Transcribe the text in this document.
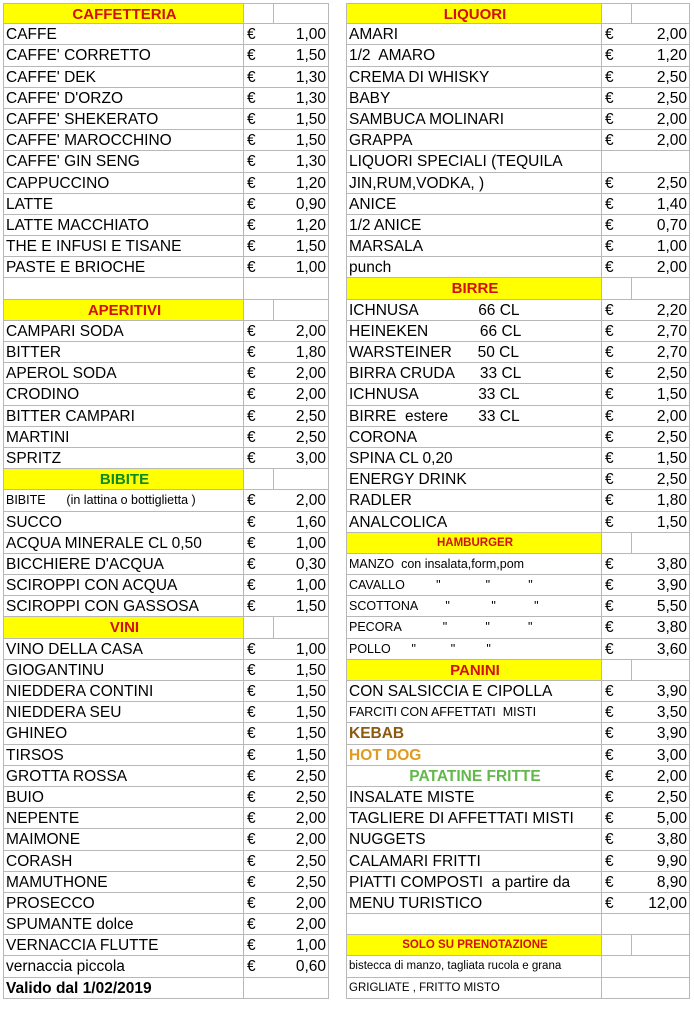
CAFFETTERIA
CAFFE	€	1,00
CAFFE' CORRETTO	€	1,50
CAFFE' DEK	€	1,30
CAFFE' D'ORZO	€	1,30
CAFFE' SHEKERATO	€	1,50
CAFFE' MAROCCHINO	€	1,50
CAFFE' GIN SENG	€	1,30
CAPPUCCINO	€	1,20
LATTE	€	0,90
LATTE MACCHIATO	€	1,20
THE E INFUSI E TISANE	€	1,50
PASTE E BRIOCHE	€	1,00
APERITIVI
CAMPARI SODA	€	2,00
BITTER	€	1,80
APEROL SODA	€	2,00
CRODINO	€	2,00
BITTER CAMPARI	€	2,50
MARTINI	€	2,50
SPRITZ	€	3,00
BIBITE
BIBITE      (in lattina o bottiglietta )	€	2,00
SUCCO	€	1,60
ACQUA MINERALE CL 0,50	€	1,00
BICCHIERE D'ACQUA	€	0,30
SCIROPPI CON ACQUA	€	1,00
SCIROPPI CON GASSOSA	€	1,50
VINI
VINO DELLA CASA	€	1,00
GIOGANTINU	€	1,50
NIEDDERA CONTINI	€	1,50
NIEDDERA SEU	€	1,50
GHINEO	€	1,50
TIRSOS	€	1,50
GROTTA ROSSA	€	2,50
BUIO	€	2,50
NEPENTE	€	2,00
MAIMONE	€	2,00
CORASH	€	2,50
MAMUTHONE	€	2,50
PROSECCO	€	2,00
SPUMANTE dolce	€	2,00
VERNACCIA FLUTTE	€	1,00
vernaccia piccola	€	0,60
Valido dal 1/02/2019
LIQUORI
AMARI	€	2,00
1/2  AMARO	€	1,20
CREMA DI WHISKY	€	2,50
BABY	€	2,50
SAMBUCA MOLINARI	€	2,00
GRAPPA	€	2,00
LIQUORI SPECIALI (TEQUILA
JIN,RUM,VODKA, )	€	2,50
ANICE	€	1,40
1/2 ANICE	€	0,70
MARSALA	€	1,00
punch	€	2,00
BIRRE
ICHNUSA              66 CL	€	2,20
HEINEKEN            66 CL	€	2,70
WARSTEINER      50 CL	€	2,70
BIRRA CRUDA      33 CL	€	2,50
ICHNUSA              33 CL	€	1,50
BIRRE  estere       33 CL	€	2,00
CORONA	€	2,50
SPINA CL 0,20	€	1,50
ENERGY DRINK	€	2,50
RADLER	€	1,80
ANALCOLICA	€	1,50
HAMBURGER
MANZO  con insalata,form,pom	€	3,80
CAVALLO         "             "           "	€	3,90
SCOTTONA        "            "           "	€	5,50
PECORA            "           "           "	€	3,80
POLLO      "          "         "	€	3,60
PANINI
CON SALSICCIA E CIPOLLA	€	3,90
FARCITI CON AFFETTATI  MISTI	€	3,50
KEBAB	€	3,90
HOT DOG	€	3,00
PATATINE FRITTE	€	2,00
INSALATE MISTE	€	2,50
TAGLIERE DI AFFETTATI MISTI	€	5,00
NUGGETS	€	3,80
CALAMARI FRITTI	€	9,90
PIATTI COMPOSTI  a partire da	€	8,90
MENU TURISTICO	€	12,00
SOLO SU PRENOTAZIONE
bistecca di manzo, tagliata rucola e grana
GRIGLIATE , FRITTO MISTO
